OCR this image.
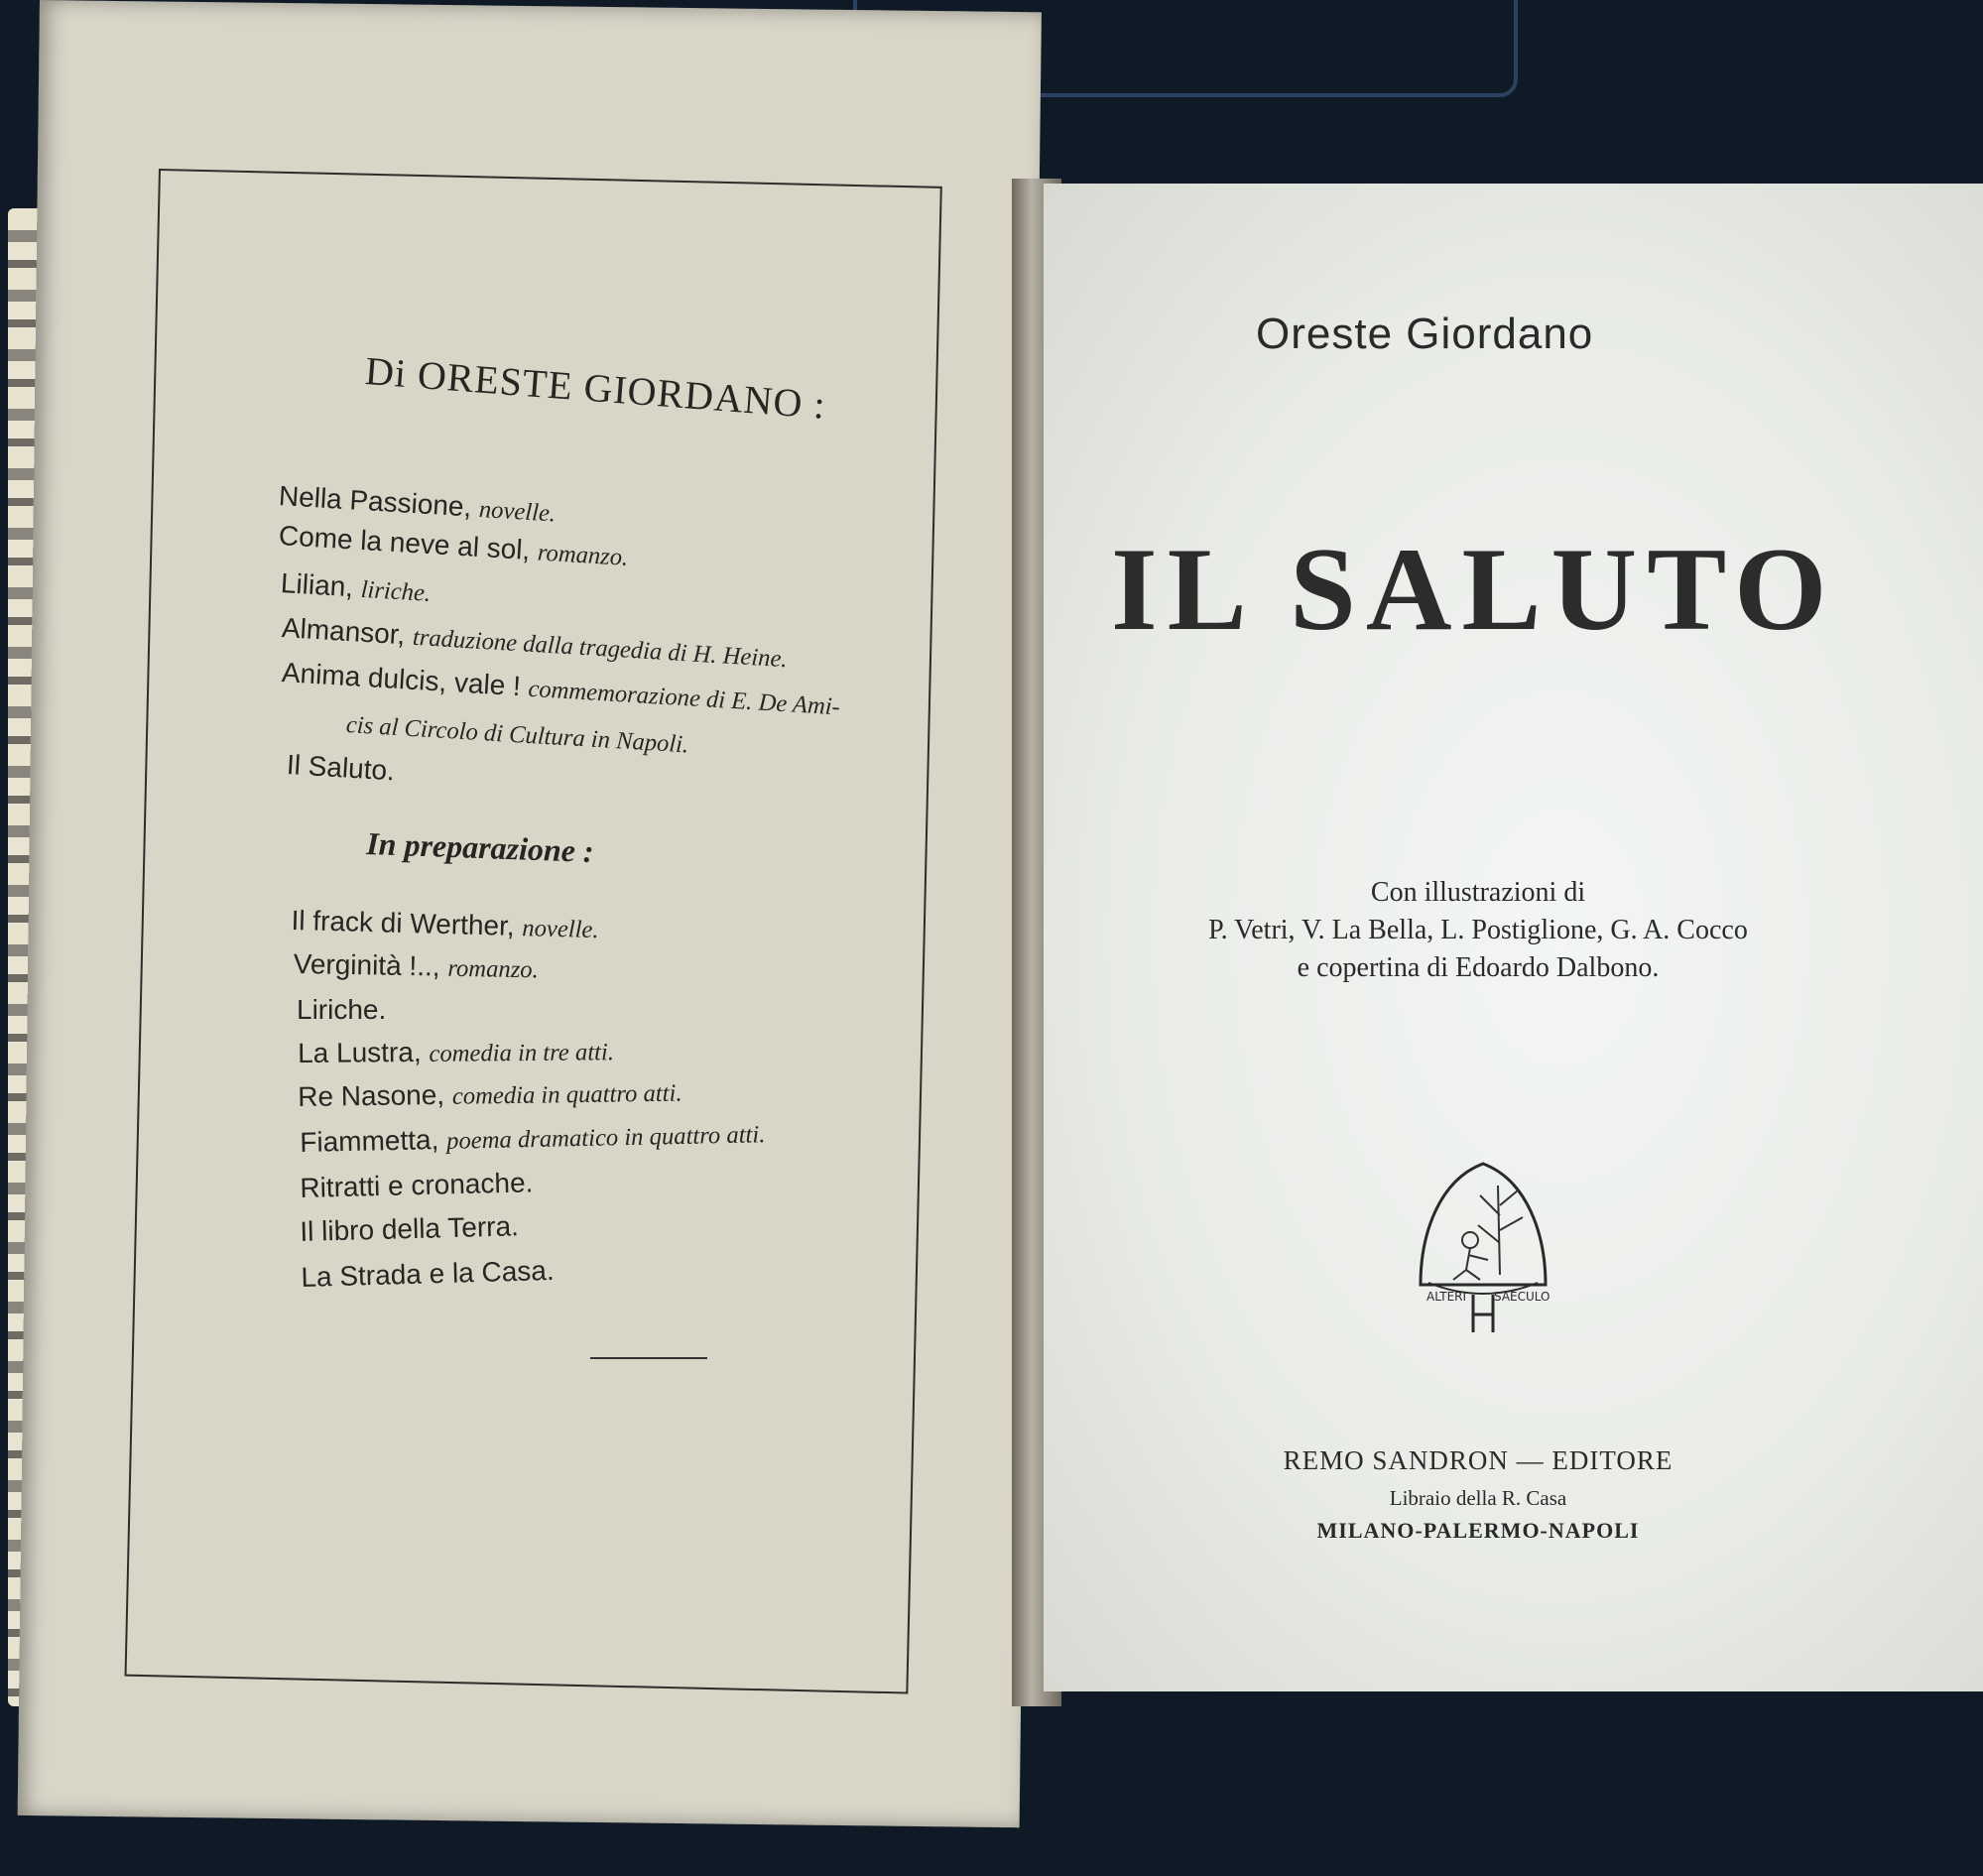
Di ORESTE GIORDANO :
Nella Passione, novelle.
Come la neve al sol, romanzo.
Lilian, liriche.
Almansor, traduzione dalla tragedia di H. Heine.
Anima dulcis, vale ! commemorazione di E. De Ami-
cis al Circolo di Cultura in Napoli.
Il Saluto.
In preparazione :
Il frack di Werther, novelle.
Verginità !.., romanzo.
Liriche.
La Lustra, comedia in tre atti.
Re Nasone, comedia in quattro atti.
Fiammetta, poema dramatico in quattro atti.
Ritratti e cronache.
Il libro della Terra.
La Strada e la Casa.
Oreste Giordano
IL SALUTO
Con illustrazioni di
P. Vetri, V. La Bella, L. Postiglione, G. A. Cocco
e copertina di Edoardo Dalbono.
ALTERI SAECULO
REMO SANDRON — EDITORE
Libraio della R. Casa
MILANO-PALERMO-NAPOLI
